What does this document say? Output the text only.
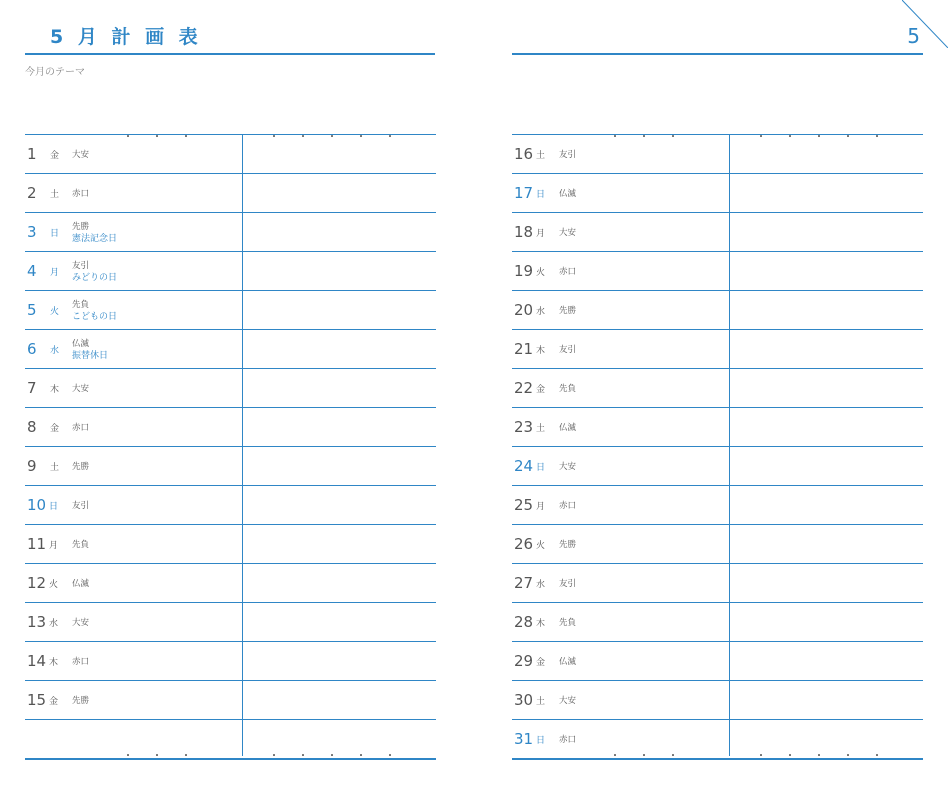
5 月 計 画 表	5
今月のテーマ
1 金 大安
2 土 赤口
3 日
先勝
憲法記念日
4 月
友引
みどりの日
5 火
先負
こどもの日
6 水
仏滅
振替休日
7 木 大安
8 金 赤口
9 土 先勝
10 日 友引
11 月 先負
12 火 仏滅
13 水 大安
14 木 赤口
15 金 先勝
16 土 友引
17 日 仏滅
18 月 大安
19 火 赤口
20 水 先勝
21 木 友引
22 金 先負
23 土 仏滅
24 日 大安
25 月 赤口
26 火 先勝
27 水 友引
28 木 先負
29 金 仏滅
30 土 大安
31 日 赤口
